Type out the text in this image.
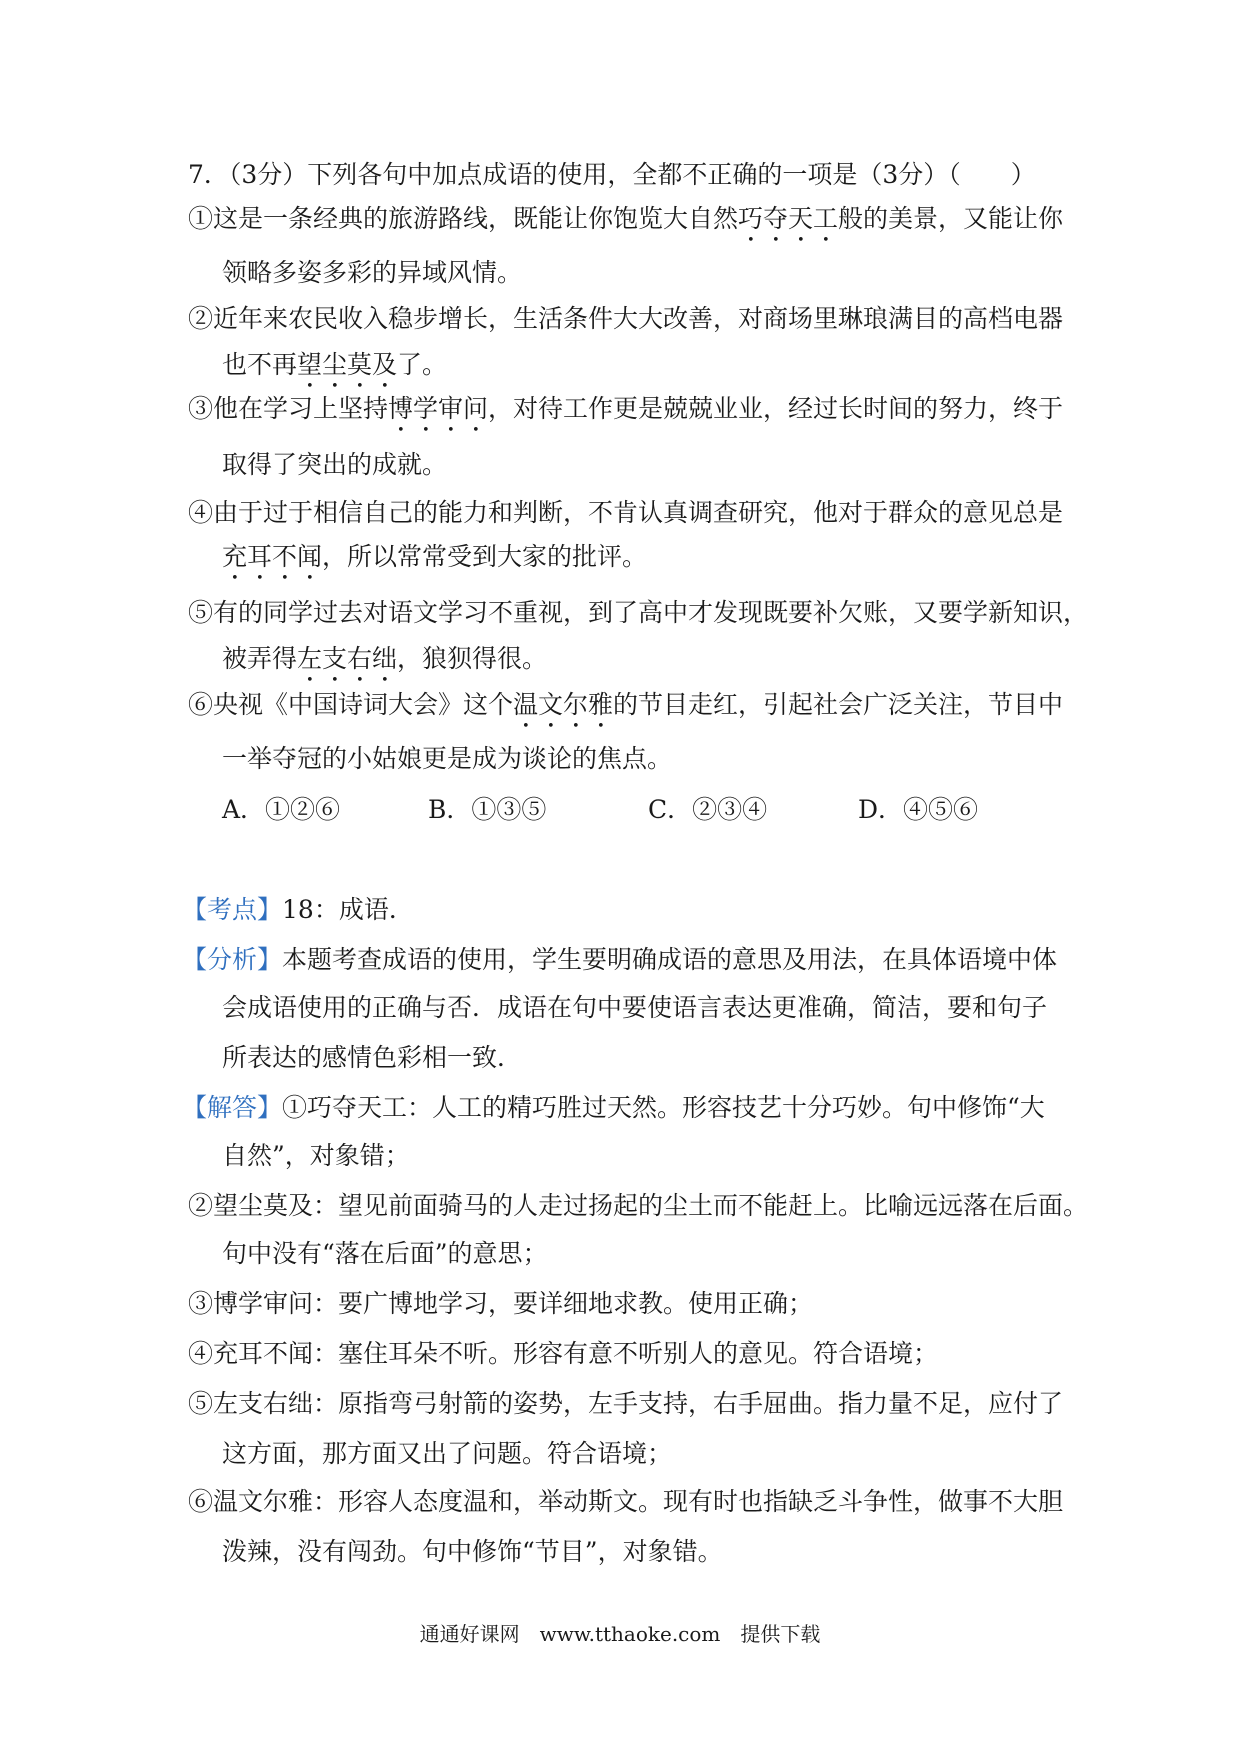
7．（3分）下列各句中加点成语的使用，全都不正确的一项是（3分）（　　）
①这是一条经典的旅游路线，既能让你饱览大自然巧夺天工般的美景，又能让你
领略多姿多彩的异域风情。
②近年来农民收入稳步增长，生活条件大大改善，对商场里琳琅满目的高档电器
也不再望尘莫及了。
③他在学习上坚持博学审问，对待工作更是兢兢业业，经过长时间的努力，终于
取得了突出的成就。
④由于过于相信自己的能力和判断，不肯认真调查研究，他对于群众的意见总是
充耳不闻，所以常常受到大家的批评。
⑤有的同学过去对语文学习不重视，到了高中才发现既要补欠账，又要学新知识，
被弄得左支右绌，狼狈得很。
⑥央视《中国诗词大会》这个温文尔雅的节目走红，引起社会广泛关注，节目中
一举夺冠的小姑娘更是成为谈论的焦点。
A．①②⑥	B．①③⑤	C．②③④	D．④⑤⑥
【考点】18：成语．
【分析】本题考查成语的使用，学生要明确成语的意思及用法，在具体语境中体
会成语使用的正确与否．成语在句中要使语言表达更准确，简洁，要和句子
所表达的感情色彩相一致．
【解答】①巧夺天工：人工的精巧胜过天然。形容技艺十分巧妙。句中修饰“大
自然”，对象错；
②望尘莫及：望见前面骑马的人走过扬起的尘土而不能赶上。比喻远远落在后面。
句中没有“落在后面”的意思；
③博学审问：要广博地学习，要详细地求教。使用正确；
④充耳不闻：塞住耳朵不听。形容有意不听别人的意见。符合语境；
⑤左支右绌：原指弯弓射箭的姿势，左手支持，右手屈曲。指力量不足，应付了
这方面，那方面又出了问题。符合语境；
⑥温文尔雅：形容人态度温和，举动斯文。现有时也指缺乏斗争性，做事不大胆
泼辣，没有闯劲。句中修饰“节目”，对象错。
通通好课网　www.tthaoke.com　提供下载
